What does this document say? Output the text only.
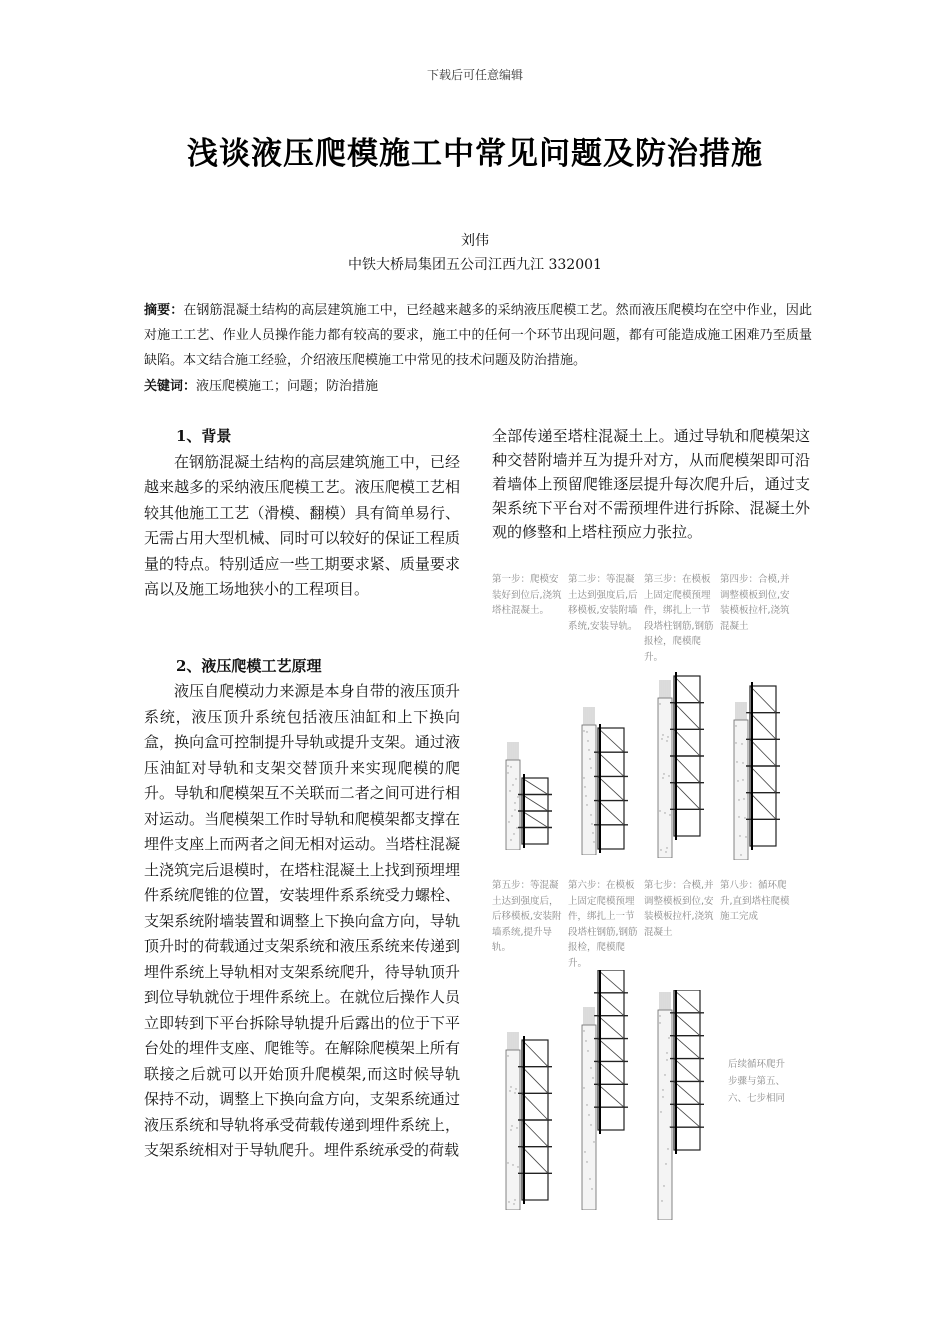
下载后可任意编辑
浅谈液压爬模施工中常见问题及防治措施
刘伟
中铁大桥局集团五公司江西九江 332001
摘要：在钢筋混凝土结构的高层建筑施工中，已经越来越多的采纳液压爬模工艺。然而液压爬模均在空中作业，因此对施工工艺、作业人员操作能力都有较高的要求，施工中的任何一个环节出现问题，都有可能造成施工困难乃至质量缺陷。本文结合施工经验，介绍液压爬模施工中常见的技术问题及防治措施。
关键词：液压爬模施工；问题；防治措施
1、背景

在钢筋混凝土结构的高层建筑施工中，已经越来越多的采纳液压爬模工艺。液压爬模工艺相较其他施工工艺（滑模、翻模）具有简单易行、无需占用大型机械、同时可以较好的保证工程质量的特点。特别适应一些工期要求紧、质量要求高以及施工场地狭小的工程项目。

2、液压爬模工艺原理

液压自爬模动力来源是本身自带的液压顶升系统，液压顶升系统包括液压油缸和上下换向盒，换向盒可控制提升导轨或提升支架。通过液压油缸对导轨和支架交替顶升来实现爬模的爬升。导轨和爬模架互不关联而二者之间可进行相对运动。当爬模架工作时导轨和爬模架都支撑在埋件支座上而两者之间无相对运动。当塔柱混凝土浇筑完后退模时，在塔柱混凝土上找到预埋埋件系统爬锥的位置，安装埋件系系统受力螺栓、支架系统附墙装置和调整上下换向盒方向，导轨顶升时的荷载通过支架系统和液压系统来传递到埋件系统上导轨相对支架系统爬升，待导轨顶升到位导轨就位于埋件系统上。在就位后操作人员立即转到下平台拆除导轨提升后露出的位于下平台处的埋件支座、爬锥等。在解除爬模架上所有联接之后就可以开始顶升爬模架,而这时候导轨保持不动，调整上下换向盒方向，支架系统通过液压系统和导轨将承受荷载传递到埋件系统上，支架系统相对于导轨爬升。埋件系统承受的荷载

全部传递至塔柱混凝土上。通过导轨和爬模架这种交替附墙并互为提升对方，从而爬模架即可沿着墙体上预留爬锥逐层提升每次爬升后，通过支架系统下平台对不需预埋件进行拆除、混凝土外观的修整和上塔柱预应力张拉。

第一步：爬模安装好到位后,浇筑塔柱混凝土。
第二步：等混凝土达到强度后,后移模板,安装附墙系统,安装导轨。
第三步：在模板上固定爬模预埋件，绑扎上一节段塔柱钢筋,钢筋报检，爬模爬升。
第四步：合模,并调整模板到位,安装模板拉杆,浇筑混凝土
第五步：等混凝土达到强度后，后移模板,安装附墙系统,提升导轨。
第六步：在模板上固定爬模预埋件，绑扎上一节段塔柱钢筋,钢筋报检，爬模爬升。
第七步：合模,并调整模板到位,安装模板拉杆,浇筑混凝土
第八步：循环爬升,直到塔柱爬模施工完成
后续循环爬升步骤与第五、六、七步相同
